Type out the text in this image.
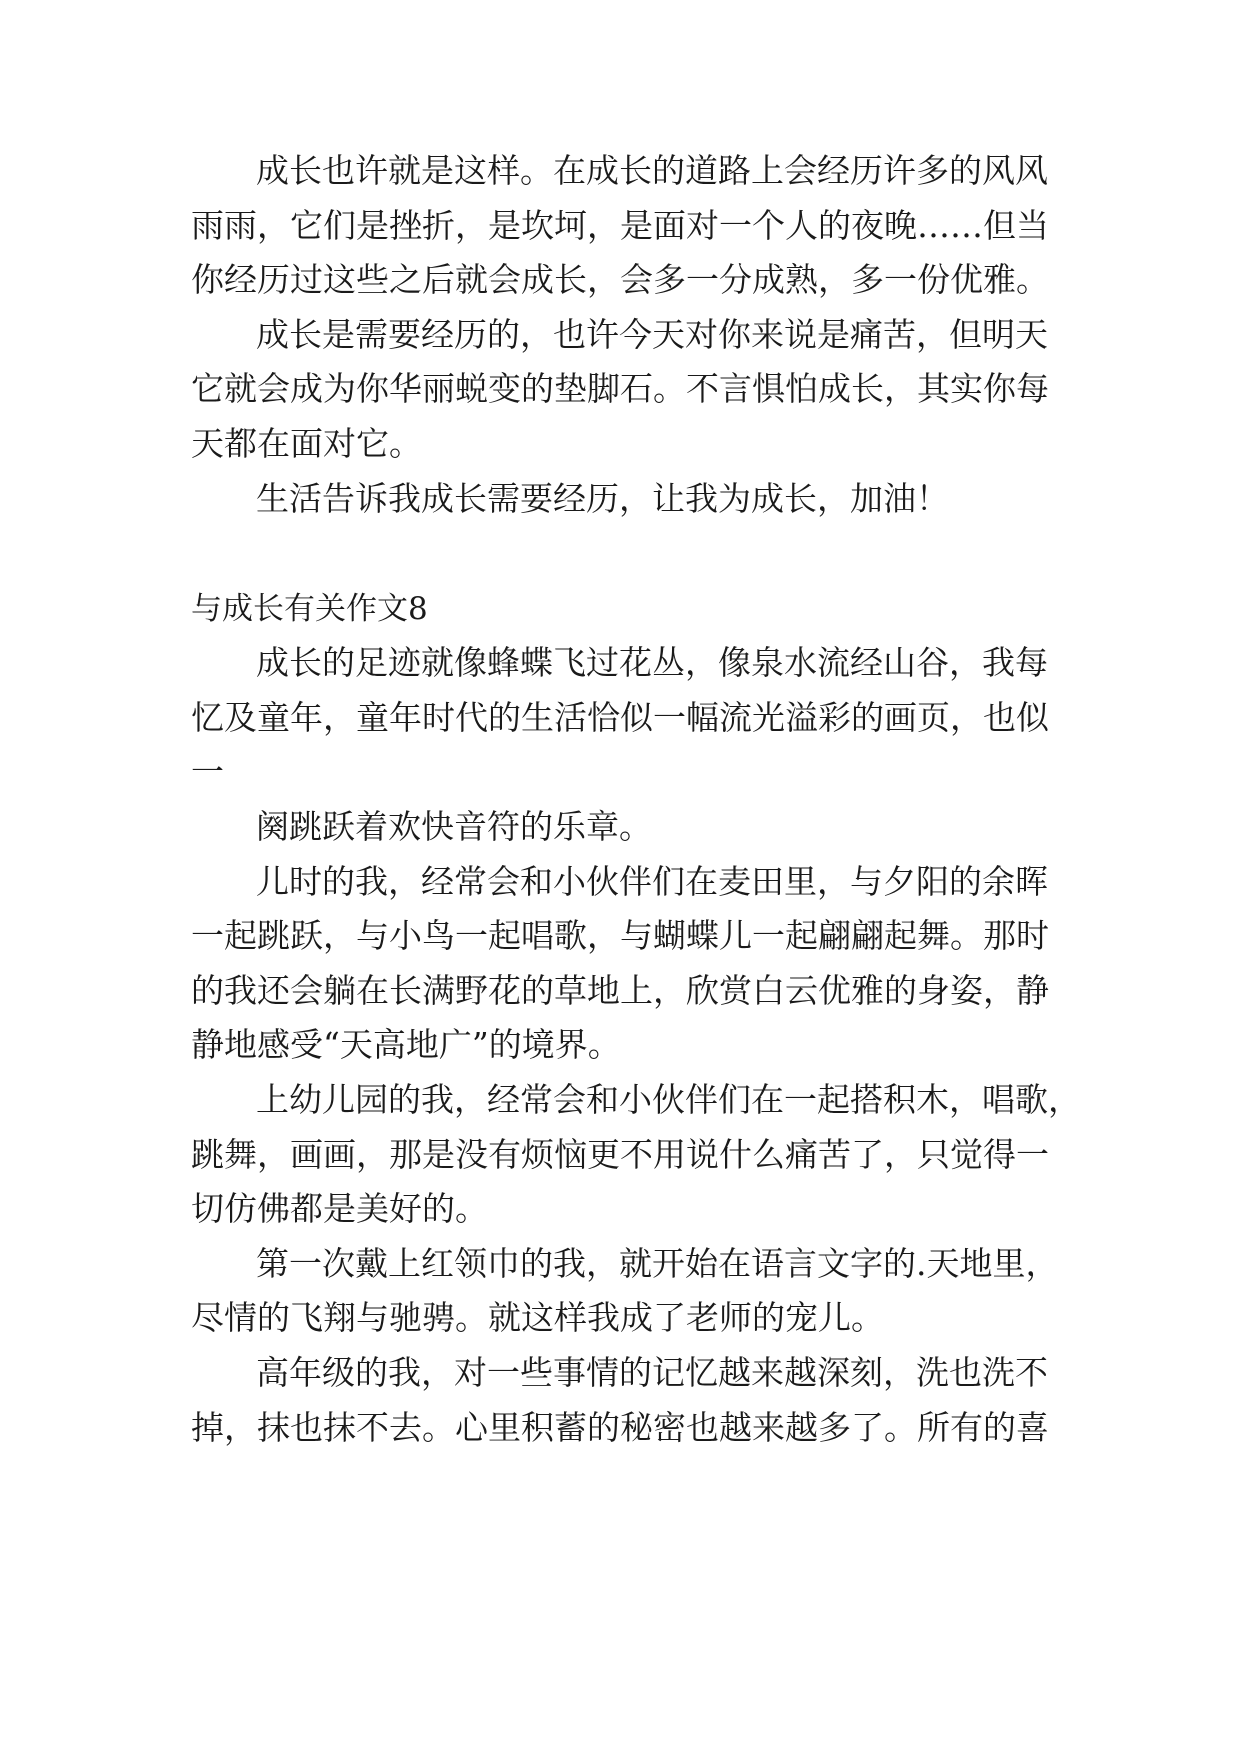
成长也许就是这样。在成长的道路上会经历许多的风风

雨雨，它们是挫折，是坎坷，是面对一个人的夜晚……但当

你经历过这些之后就会成长，会多一分成熟，多一份优雅。

成长是需要经历的，也许今天对你来说是痛苦，但明天

它就会成为你华丽蜕变的垫脚石。不言惧怕成长，其实你每

天都在面对它。

生活告诉我成长需要经历，让我为成长，加油！

与成长有关作文8

成长的足迹就像蜂蝶飞过花丛，像泉水流经山谷，我每

忆及童年，童年时代的生活恰似一幅流光溢彩的画页，也似

一

阕跳跃着欢快音符的乐章。

儿时的我，经常会和小伙伴们在麦田里，与夕阳的余晖

一起跳跃，与小鸟一起唱歌，与蝴蝶儿一起翩翩起舞。那时

的我还会躺在长满野花的草地上，欣赏白云优雅的身姿，静

静地感受“天高地广”的境界。

上幼儿园的我，经常会和小伙伴们在一起搭积木，唱歌，

跳舞，画画，那是没有烦恼更不用说什么痛苦了，只觉得一

切仿佛都是美好的。

第一次戴上红领巾的我，就开始在语言文字的.天地里，

尽情的飞翔与驰骋。就这样我成了老师的宠儿。

高年级的我，对一些事情的记忆越来越深刻，洗也洗不

掉，抹也抹不去。心里积蓄的秘密也越来越多了。所有的喜
